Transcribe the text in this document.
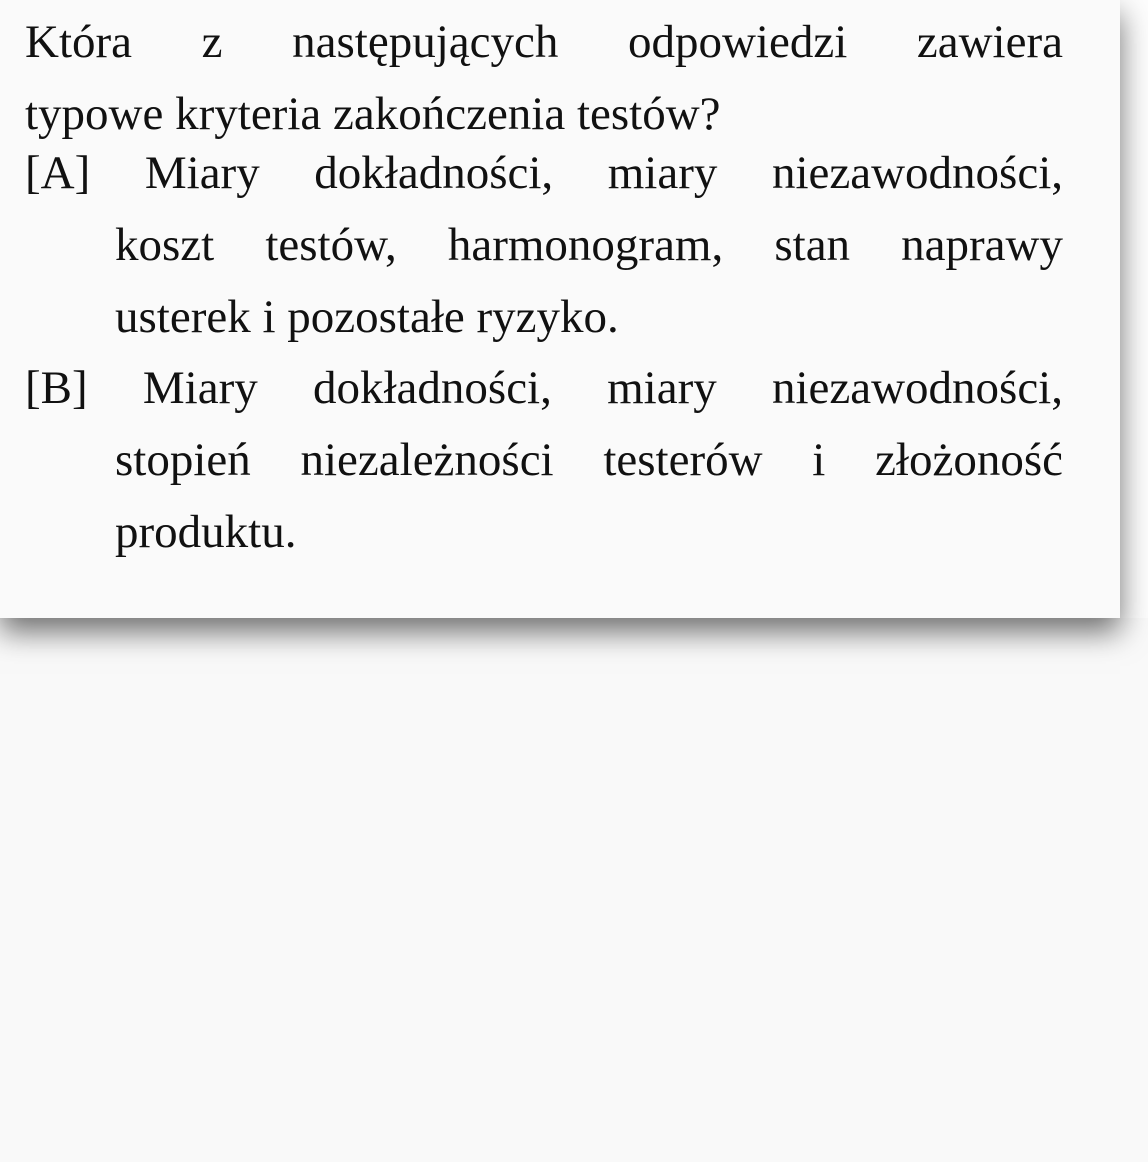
Która z następujących odpowiedzi zawiera
typowe kryteria zakończenia testów?
[A] Miary dokładności, miary niezawodności,
koszt testów, harmonogram, stan naprawy
usterek i pozostałe ryzyko.
[B] Miary dokładności, miary niezawodności,
stopień niezależności testerów i złożoność
produktu.
